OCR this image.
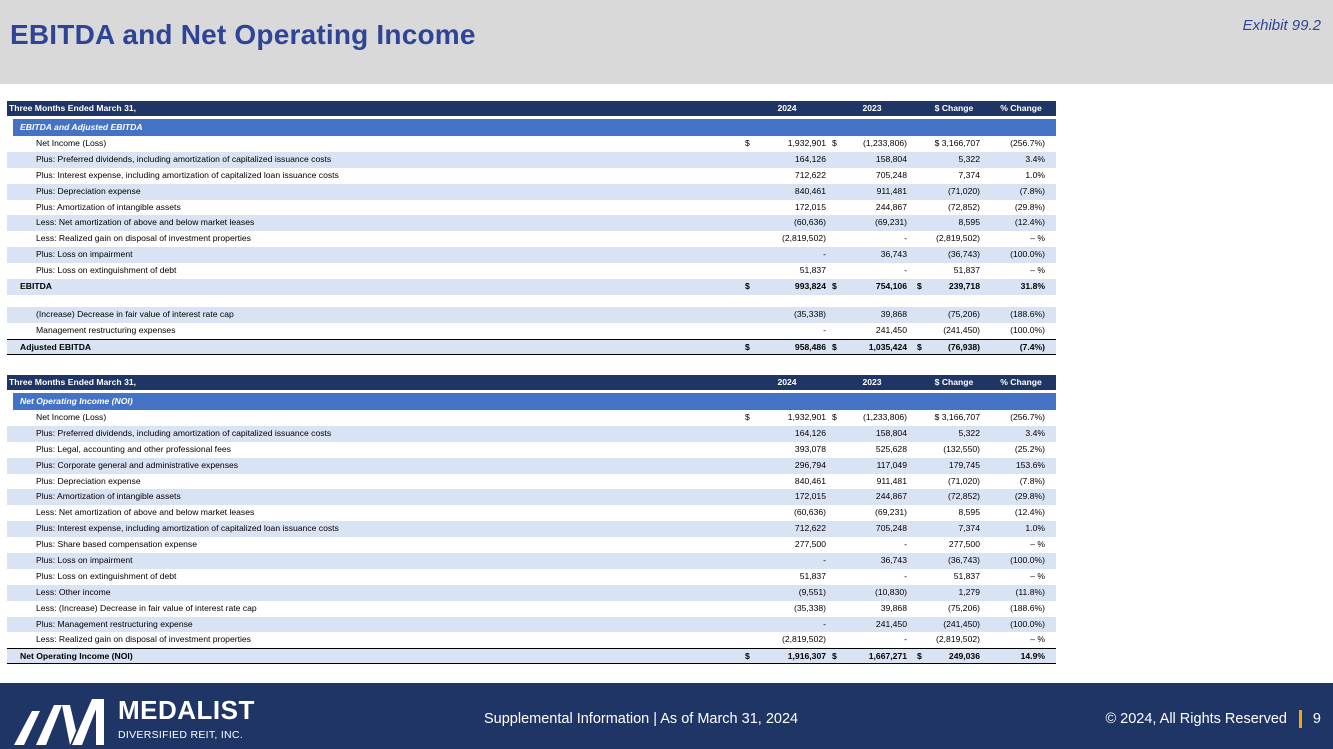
EBITDA and Net Operating Income	Exhibit 99.2
Three Months Ended March 31,	2024	2023	$ Change	% Change
EBITDA and Adjusted EBITDA
Net Income (Loss)	$	1,932,901 $	(1,233,806)	$ 3,166,707	(256.7%)
Plus: Preferred dividends, including amortization of capitalized issuance costs	164,126	158,804	5,322	3.4%
Plus: Interest expense, including amortization of capitalized loan issuance costs	712,622	705,248	7,374	1.0%
Plus: Depreciation expense	840,461	911,481	(71,020)	(7.8%)
Plus: Amortization of intangible assets	172,015	244,867	(72,852)	(29.8%)
Less: Net amortization of above and below market leases	(60,636)	(69,231)	8,595	(12.4%)
Less: Realized gain on disposal of investment properties	(2,819,502)	-	(2,819,502)	– %
Plus: Loss on impairment	-	36,743	(36,743)	(100.0%)
Plus: Loss on extinguishment of debt	51,837	-	51,837	– %
EBITDA	$	993,824 $	754,106 $	239,718	31.8%
(Increase) Decrease in fair value of interest rate cap	(35,338)	39,868	(75,206)	(188.6%)
Management restructuring expenses	-	241,450	(241,450)	(100.0%)
Adjusted EBITDA	$	958,486 $	1,035,424 $	(76,938)	(7.4%)
Three Months Ended March 31,	2024	2023	$ Change	% Change
Net Operating Income (NOI)
Net Income (Loss)	$	1,932,901 $	(1,233,806)	$ 3,166,707	(256.7%)
Plus: Preferred dividends, including amortization of capitalized issuance costs	164,126	158,804	5,322	3.4%
Plus: Legal, accounting and other professional fees	393,078	525,628	(132,550)	(25.2%)
Plus: Corporate general and administrative expenses	296,794	117,049	179,745	153.6%
Plus: Depreciation expense	840,461	911,481	(71,020)	(7.8%)
Plus: Amortization of intangible assets	172,015	244,867	(72,852)	(29.8%)
Less: Net amortization of above and below market leases	(60,636)	(69,231)	8,595	(12.4%)
Plus: Interest expense, including amortization of capitalized loan issuance costs	712,622	705,248	7,374	1.0%
Plus: Share based compensation expense	277,500	-	277,500	– %
Plus: Loss on impairment	-	36,743	(36,743)	(100.0%)
Plus: Loss on extinguishment of debt	51,837	-	51,837	– %
Less: Other income	(9,551)	(10,830)	1,279	(11.8%)
Less: (Increase) Decrease in fair value of interest rate cap	(35,338)	39,868	(75,206)	(188.6%)
Plus: Management restructuring expense	-	241,450	(241,450)	(100.0%)
Less: Realized gain on disposal of investment properties	(2,819,502)	-	(2,819,502)	– %
Net Operating Income (NOI)	$	1,916,307 $	1,667,271 $	249,036	14.9%
MEDALIST
DIVERSIFIED REIT, INC.
Supplemental Information | As of March 31, 2024	© 2024, All Rights Reserved 9
